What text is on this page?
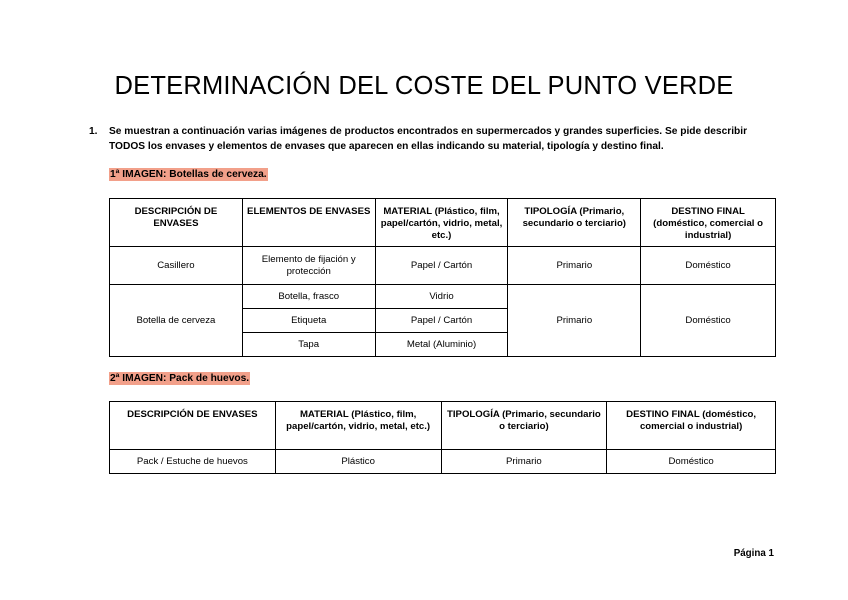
DETERMINACIÓN DEL COSTE DEL PUNTO VERDE
1. Se muestran a continuación varias imágenes de productos encontrados en supermercados y grandes superficies. Se pide describir TODOS los envases y elementos de envases que aparecen en ellas indicando su material, tipología y destino final.
1ª IMAGEN: Botellas de cerveza.
DESCRIPCIÓN DE ENVASES	ELEMENTOS DE ENVASES	MATERIAL (Plástico, film, papel/cartón, vidrio, metal, etc.)	TIPOLOGÍA (Primario, secundario o terciario)	DESTINO FINAL (doméstico, comercial o industrial)
Casillero	Elemento de fijación y protección	Papel / Cartón	Primario	Doméstico
Botella de cerveza	Botella, frasco	Vidrio	Primario	Doméstico
	Etiqueta	Papel / Cartón		
	Tapa	Metal (Aluminio)		
2ª IMAGEN: Pack de huevos.
DESCRIPCIÓN DE ENVASES	MATERIAL (Plástico, film, papel/cartón, vidrio, metal, etc.)	TIPOLOGÍA (Primario, secundario o terciario)	DESTINO FINAL (doméstico, comercial o industrial)
Pack / Estuche de huevos	Plástico	Primario	Doméstico
Página 1
